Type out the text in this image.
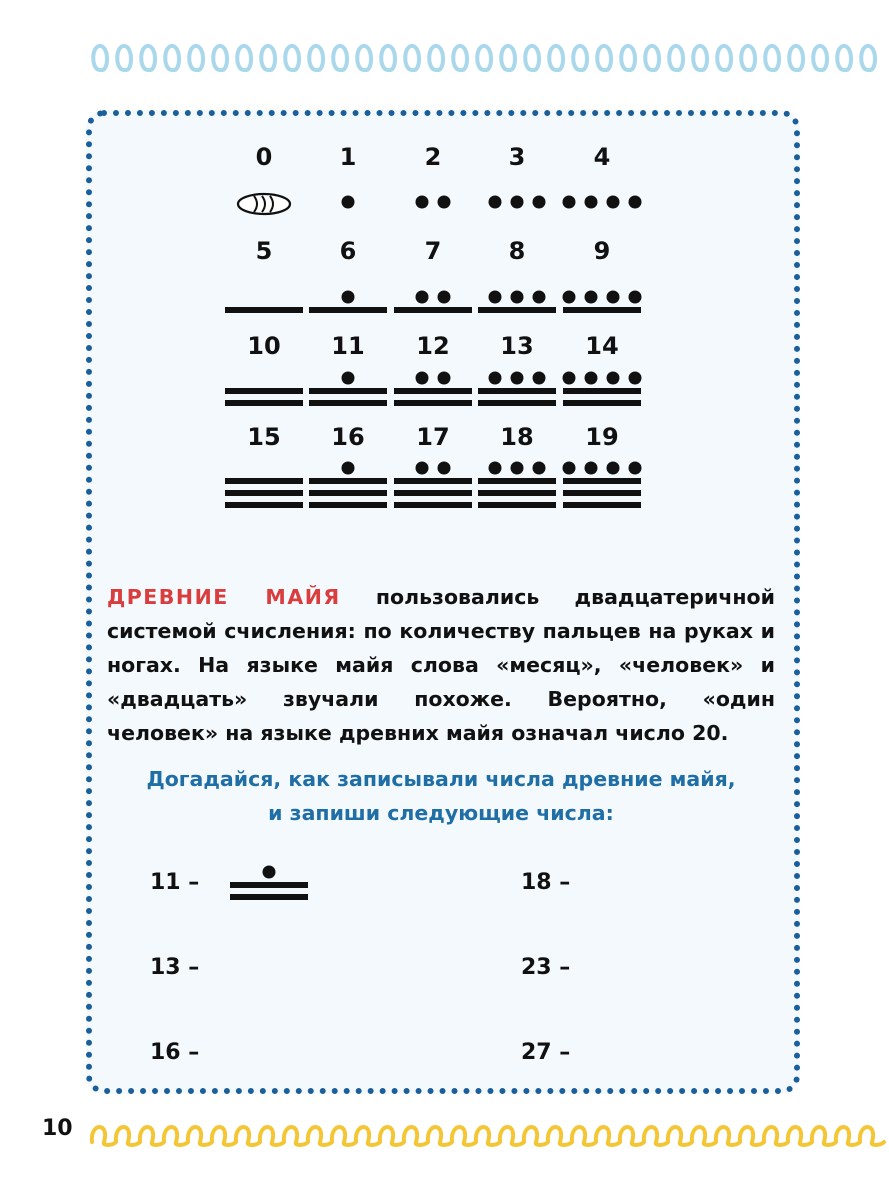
0	1	2	3	4
5	6	7	8	9
10	11	12	13	14
15	16	17	18	19
ДРЕВНИЕ МАЙЯ пользовались двадцатеричной системой счисления: по количеству пальцев на руках и ногах. На языке майя слова «месяц», «человек» и «двадцать» звучали похоже. Вероятно, «один человек» на языке древних майя означал число 20.
Догадайся, как записывали числа древние майя,
и запиши следующие числа:
11 –	18 –
13 –	23 –
16 –	27 –
10
